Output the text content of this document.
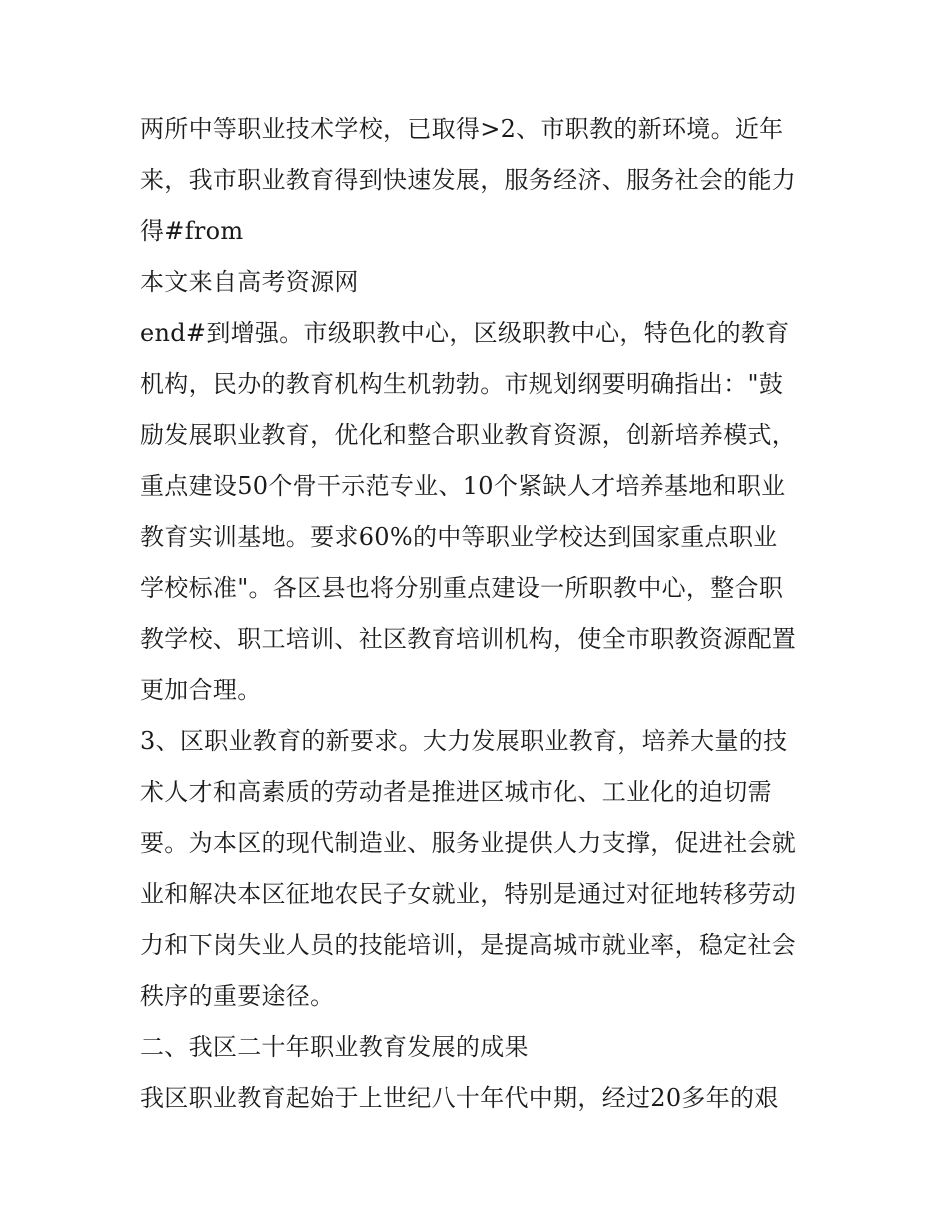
两所中等职业技术学校，已取得>2、市职教的新环境。近年
来，我市职业教育得到快速发展，服务经济、服务社会的能力
得#from
本文来自高考资源网
end#到增强。市级职教中心，区级职教中心，特色化的教育
机构，民办的教育机构生机勃勃。市规划纲要明确指出："鼓
励发展职业教育，优化和整合职业教育资源，创新培养模式，
重点建设50个骨干示范专业、10个紧缺人才培养基地和职业
教育实训基地。要求60%的中等职业学校达到国家重点职业
学校标准"。各区县也将分别重点建设一所职教中心，整合职
教学校、职工培训、社区教育培训机构，使全市职教资源配置
更加合理。
3、区职业教育的新要求。大力发展职业教育，培养大量的技
术人才和高素质的劳动者是推进区城市化、工业化的迫切需
要。为本区的现代制造业、服务业提供人力支撑，促进社会就
业和解决本区征地农民子女就业，特别是通过对征地转移劳动
力和下岗失业人员的技能培训，是提高城市就业率，稳定社会
秩序的重要途径。
二、我区二十年职业教育发展的成果
我区职业教育起始于上世纪八十年代中期，经过20多年的艰
